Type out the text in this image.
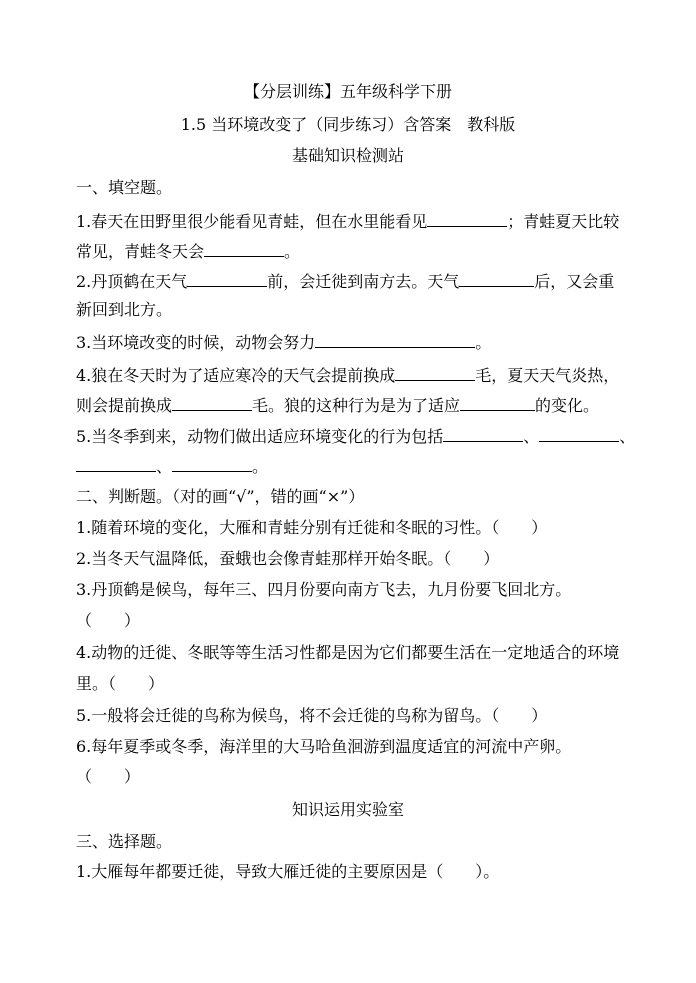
【分层训练】五年级科学下册
1.5 当环境改变了（同步练习）含答案　教科版
基础知识检测站
一、填空题。
1.春天在田野里很少能看见青蛙，但在水里能看见	；青蛙夏天比较
常见，青蛙冬天会	。
2.丹顶鹤在天气	前，会迁徙到南方去。天气	后，又会重
新回到北方。
3.当环境改变的时候，动物会努力	。
4.狼在冬天时为了适应寒冷的天气会提前换成	毛，夏天天气炎热，
则会提前换成	毛。狼的这种行为是为了适应	的变化。
5.当冬季到来，动物们做出适应环境变化的行为包括	、	、
、	。
二、判断题。（对的画“√”，错的画“×”）
1.随着环境的变化，大雁和青蛙分别有迁徙和冬眠的习性。（　　）
2.当冬天气温降低，蚕蛾也会像青蛙那样开始冬眠。（　　）
3.丹顶鹤是候鸟，每年三、四月份要向南方飞去，九月份要飞回北方。
（　　）
4.动物的迁徙、冬眠等等生活习性都是因为它们都要生活在一定地适合的环境
里。（　　）
5.一般将会迁徙的鸟称为候鸟，将不会迁徙的鸟称为留鸟。（　　）
6.每年夏季或冬季，海洋里的大马哈鱼洄游到温度适宜的河流中产卵。
（　　）
知识运用实验室
三、选择题。
1.大雁每年都要迁徙，导致大雁迁徙的主要原因是（　　）。
